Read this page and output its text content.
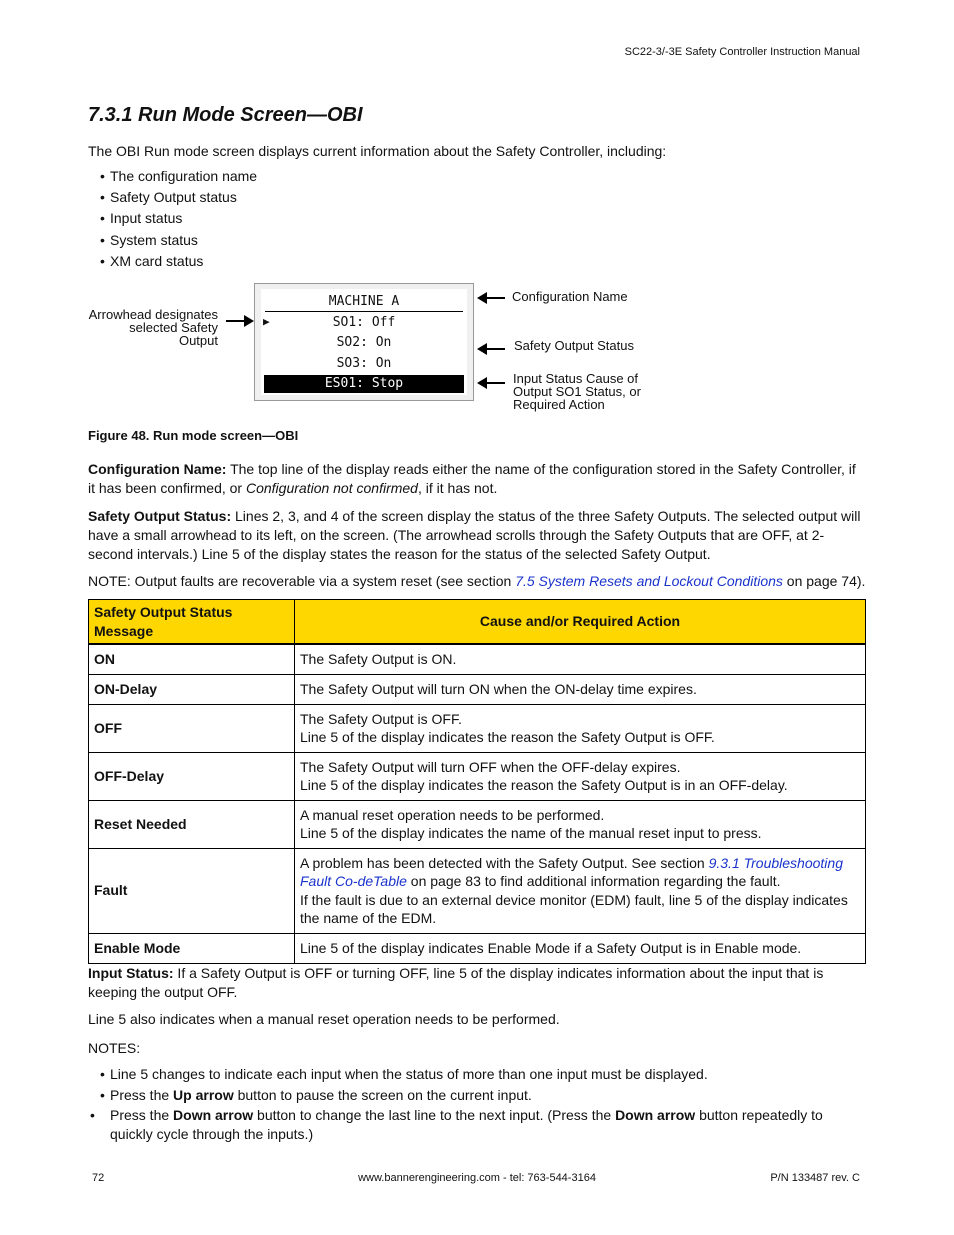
SC22-3/-3E Safety Controller Instruction Manual
7.3.1 Run Mode Screen—OBI
The OBI Run mode screen displays current information about the Safety Controller, including:
• The configuration name
• Safety Output status
• Input status
• System status
• XM card status
Arrowhead designates
selected Safety Output
MACHINE A
▶	SO1: Off
SO2: On
SO3: On
ES01: Stop
Configuration Name
Safety Output Status
Input Status Cause of
Output SO1 Status, or
Required Action
Figure 48. Run mode screen—OBI
Configuration Name: The top line of the display reads either the name of the configuration stored in the Safety Controller, if it has been confirmed, or Configuration not confirmed, if it has not.
Safety Output Status: Lines 2, 3, and 4 of the screen display the status of the three Safety Outputs. The selected output will have a small arrowhead to its left, on the screen. (The arrowhead scrolls through the Safety Outputs that are OFF, at 2-second intervals.) Line 5 of the display states the reason for the status of the selected Safety Output.
NOTE: Output faults are recoverable via a system reset (see section 7.5 System Resets and Lockout Conditions on page 74).
Safety Output Status Message	Cause and/or Required Action
ON	The Safety Output is ON.
ON-Delay	The Safety Output will turn ON when the ON-delay time expires.
OFF	The Safety Output is OFF.
Line 5 of the display indicates the reason the Safety Output is OFF.

OFF-Delay	The Safety Output will turn OFF when the OFF-delay expires.
Line 5 of the display indicates the reason the Safety Output is in an OFF-delay.

Reset Needed	A manual reset operation needs to be performed.
Line 5 of the display indicates the name of the manual reset input to press.

Fault	A problem has been detected with the Safety Output. See section 9.3.1 Troubleshooting Fault Co-deTable on page 83 to find additional information regarding the fault.
If the fault is due to an external device monitor (EDM) fault, line 5 of the display indicates the name of the EDM.

Enable Mode	Line 5 of the display indicates Enable Mode if a Safety Output is in Enable mode.
Input Status: If a Safety Output is OFF or turning OFF, line 5 of the display indicates information about the input that is keeping the output OFF.
Line 5 also indicates when a manual reset operation needs to be performed.
NOTES:
• Line 5 changes to indicate each input when the status of more than one input must be displayed.
• Press the Up arrow button to pause the screen on the current input.
• Press the Down arrow button to change the last line to the next input. (Press the Down arrow button repeatedly to quickly cycle through the inputs.)
72	www.bannerengineering.com - tel: 763-544-3164	P/N 133487 rev. C
